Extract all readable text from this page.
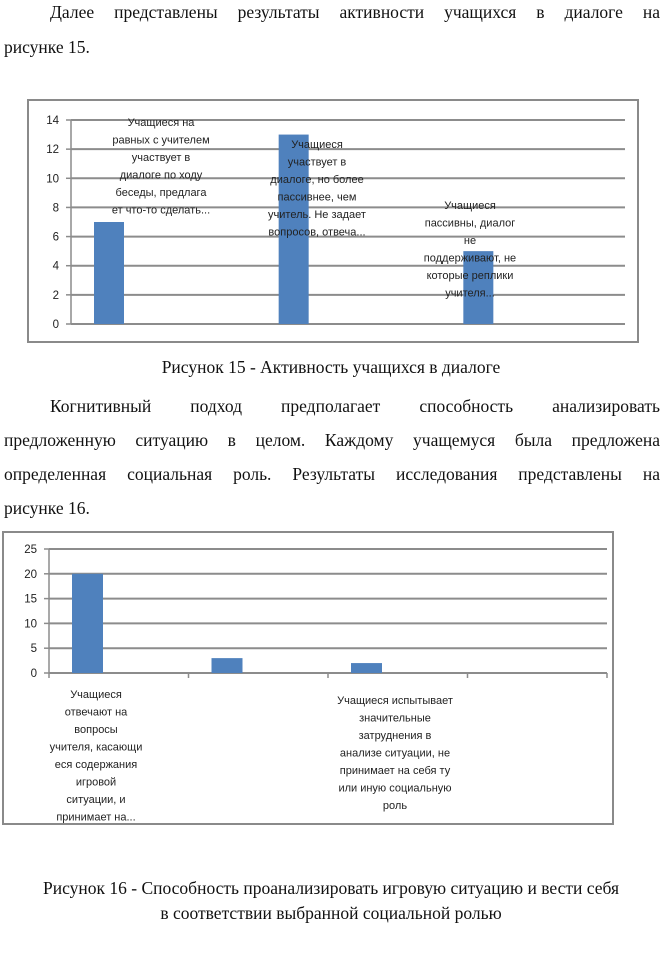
Далее представлены результаты активности учащихся в диалоге на
рисунке 15.
0
2
4
6
8
10
12
14	Учащиеся на
равных с учителем
участвует в
диалоге по ходу
беседы, предлага
ет что-то сделать...
Учащиеся
участвует в
диалоге, но более
пассивнее, чем
учитель. Не задает
вопросов, отвеча...
Учащиеся
пассивны, диалог
не
поддерживают, не
которые реплики
учителя...
Рисунок 15 - Активность учащихся в диалоге
Когнитивный подход предполагает способность анализировать
предложенную ситуацию в целом. Каждому учащемуся была предложена
определенная социальная роль. Результаты исследования представлены на
рисунке 16.
0
5
10
15
20
25
Учащиеся
отвечают на
вопросы
учителя, касающи
еся содержания
игровой
ситуации, и
принимает на...
Учащиеся испытывает
значительные
затруднения в
анализе ситуации, не
принимает на себя ту
или иную социальную
роль
Рисунок 16 - Способность проанализировать игровую ситуацию и вести себя
в соответствии выбранной социальной ролью
